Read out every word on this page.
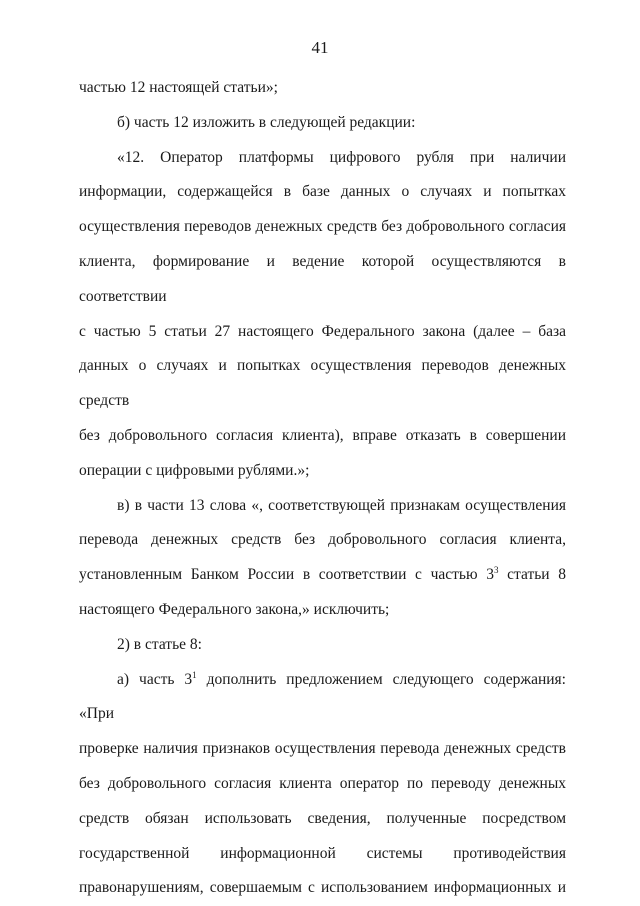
41
частью 12 настоящей статьи»;
б) часть 12 изложить в следующей редакции:
«12. Оператор платформы цифрового рубля при наличии
информации, содержащейся в базе данных о случаях и попытках
осуществления переводов денежных средств без добровольного согласия
клиента, формирование и ведение которой осуществляются в соответствии
с частью 5 статьи 27 настоящего Федерального закона (далее – база
данных о случаях и попытках осуществления переводов денежных средств
без добровольного согласия клиента), вправе отказать в совершении
операции с цифровыми рублями.»;
в) в части 13 слова «, соответствующей признакам осуществления
перевода денежных средств без добровольного согласия клиента,
установленным Банком России в соответствии с частью $3^3$ статьи 8
настоящего Федерального закона,» исключить;
2) в статье 8:
а) часть $3^1$ дополнить предложением следующего содержания: «При
проверке наличия признаков осуществления перевода денежных средств
без добровольного согласия клиента оператор по переводу денежных
средств обязан использовать сведения, полученные посредством
государственной информационной системы противодействия
правонарушениям, совершаемым с использованием информационных и
